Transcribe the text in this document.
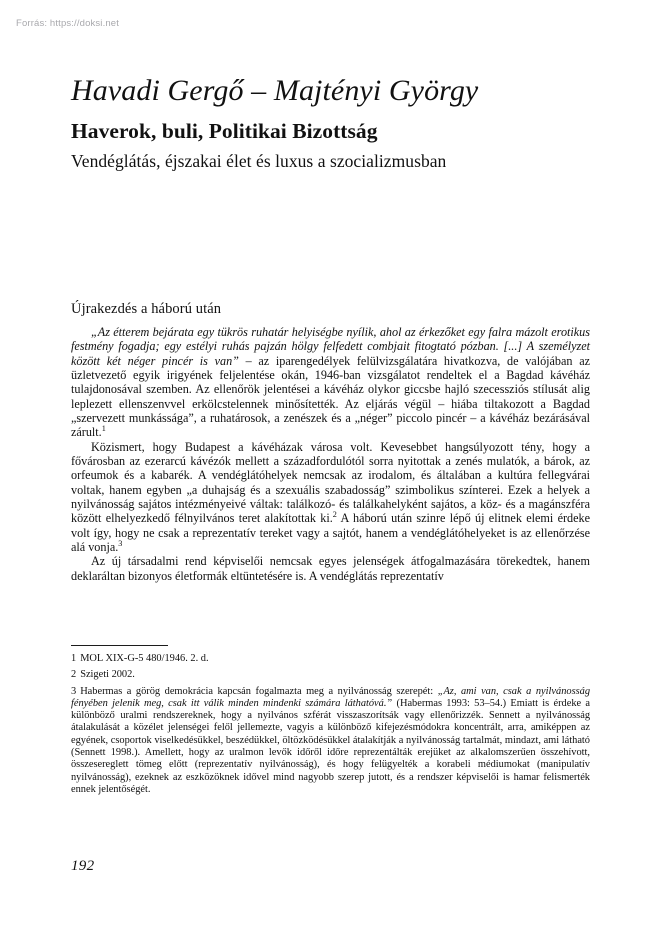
Forrás: https://doksi.net
Havadi Gergő – Majtényi György
Haverok, buli, Politikai Bizottság
Vendéglátás, éjszakai élet és luxus a szocializmusban
Újrakezdés a háború után

„Az étterem bejárata egy tükrös ruhatár helyiségbe nyílik, ahol az érkezőket egy falra mázolt erotikus festmény fogadja; egy estélyi ruhás pajzán hölgy felfedett combjait fitogtató pózban. [...] A személyzet között két néger pincér is van” – az iparengedélyek felülvizsgálatára hivatkozva, de valójában az üzletvezető egyik irigyének feljelentése okán, 1946-ban vizsgálatot rendeltek el a Bagdad kávéház tulajdonosával szemben. Az ellenőrök jelentései a kávéház olykor giccsbe hajló szecessziós stílusát alig leplezett ellenszenvvel erkölcstelennek minősítették. Az eljárás végül – hiába tiltakozott a Bagdad „szervezett munkássága”, a ruhatárosok, a zenészek és a „néger” piccolo pincér – a kávéház bezárásával zárult.$^1$

Közismert, hogy Budapest a kávéházak városa volt. Kevesebbet hangsúlyozott tény, hogy a fővárosban az ezerarcú kávézók mellett a századfordulótól sorra nyitottak a zenés mulatók, a bárok, az orfeumok és a kabarék. A vendéglátóhelyek nemcsak az irodalom, és általában a kultúra fellegvárai voltak, hanem egyben „a duhajság és a szexuális szabadosság” szimbolikus színterei. Ezek a helyek a nyilvánosság sajátos intézményeivé váltak: találkozó- és találkahelyként sajátos, a köz- és a magánszféra között elhelyezkedő félnyilvános teret alakítottak ki.$^2$ A háború után szinre lépő új elitnek elemi érdeke volt így, hogy ne csak a reprezentatív tereket vagy a sajtót, hanem a vendéglátóhelyeket is az ellenőrzése alá vonja.$^3$

Az új társadalmi rend képviselői nemcsak egyes jelenségek átfogalmazására törekedtek, hanem deklaráltan bizonyos életformák eltüntetésére is. A vendéglátás reprezentatív

1 MOL XIX-G-5 480/1946. 2. d.

2 Szigeti 2002.

3 Habermas a görög demokrácia kapcsán fogalmazta meg a nyilvánosság szerepét: „Az, ami van, csak a nyilvánosság fényében jelenik meg, csak itt válik minden mindenki számára láthatóvá.” (Habermas 1993: 53–54.) Emiatt is érdeke a különböző uralmi rendszereknek, hogy a nyilvános szférát visszaszorítsák vagy ellenőrizzék. Sennett a nyilvánosság átalakulását a közélet jelenségei felől jellemezte, vagyis a különböző kifejezésmódokra koncentrált, arra, amiképpen az egyének, csoportok viselkedésükkel, beszédükkel, öltözködésükkel átalakítják a nyilvánosság tartalmát, mindazt, ami látható (Sennett 1998.). Amellett, hogy az uralmon levők időről időre reprezentálták erejüket az alkalomszerűen összehívott, összesereglett tömeg előtt (reprezentatív nyilvánosság), és hogy felügyelték a korabeli médiumokat (manipulatív nyilvánosság), ezeknek az eszközöknek idővel mind nagyobb szerep jutott, és a rendszer képviselői is hamar felismerték ennek jelentőségét.

192
